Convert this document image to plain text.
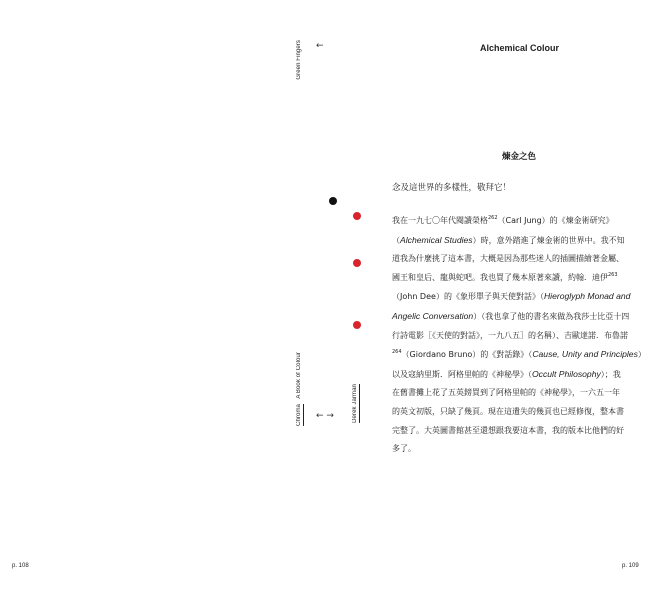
Green Fingers ←
Chroma
A Book of Colour
Derek Jarman
← →
p. 108
Alchemical Colour
煉金之色
念及這世界的多樣性，敬拜它！
我在一九七〇年代閱讀榮格$^{262}$（Carl Jung）的《煉金術研究》
（Alchemical Studies）時，意外踏進了煉金術的世界中。我不知
道我為什麼挑了這本書，大概是因為那些迷人的插圖描繪著金屬、
國王和皇后、龍與蛇吧。我也買了幾本原著來讀，約翰．迪伊$^{263}$
（John Dee）的《象形單子與天使對話》（Hieroglyph Monad and
Angelic Conversation）（我也拿了他的書名來做為我莎士比亞十四
行詩電影［《天使的對話》，一九八五］的名稱）、吉歐達諾．布魯諾
$^{264}$（Giordano Bruno）的《對話錄》（Cause, Unity and Principles）
以及寇納里斯．阿格里帕的《神秘學》（Occult Philosophy）；我
在舊書攤上花了五英鎊買到了阿格里帕的《神秘學》，一六五一年
的英文初版，只缺了幾頁。現在這遺失的幾頁也已經修復，整本書
完整了。大英圖書館甚至還想跟我要這本書，我的版本比他們的好
多了。
p. 109
